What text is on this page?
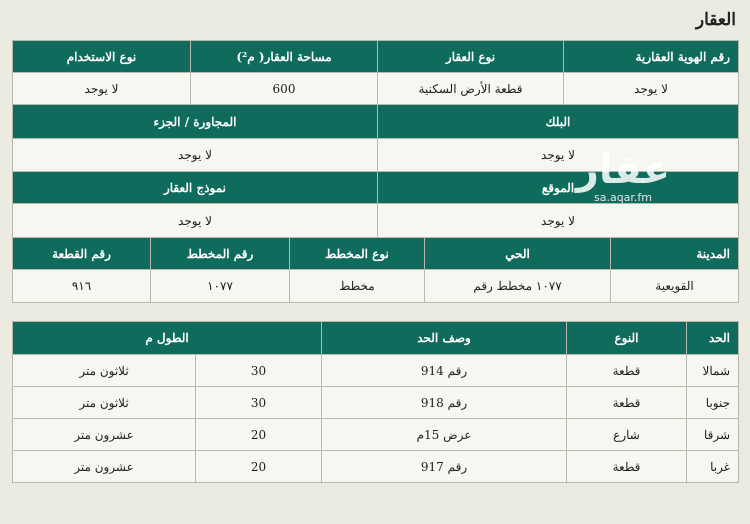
العقار
رقم الهوية العقارية	نوع العقار	مساحة العقار( م²)	نوع الاستخدام
لا يوجد	قطعة الأرض السكنية	600	لا يوجد
البلك		المجاورة / الجزء	
لا يوجد		لا يوجد	
الموقع		نموذج العقار	
لا يوجد		لا يوجد	
المدينة	الحي	نوع المخطط	رقم المخطط	رقم القطعة
القويعية	١٠٧٧ مخطط رقم	مخطط	١٠٧٧	٩١٦
الحد	النوع	وصف الحد	الطول م	
شمالا	قطعة	رقم 914	30	ثلاثون متر
جنوبا	قطعة	رقم 918	30	ثلاثون متر
شرقا	شارع	عرض 15م	20	عشرون متر
غربا	قطعة	رقم 917	20	عشرون متر
عقار
sa.aqar.fm
